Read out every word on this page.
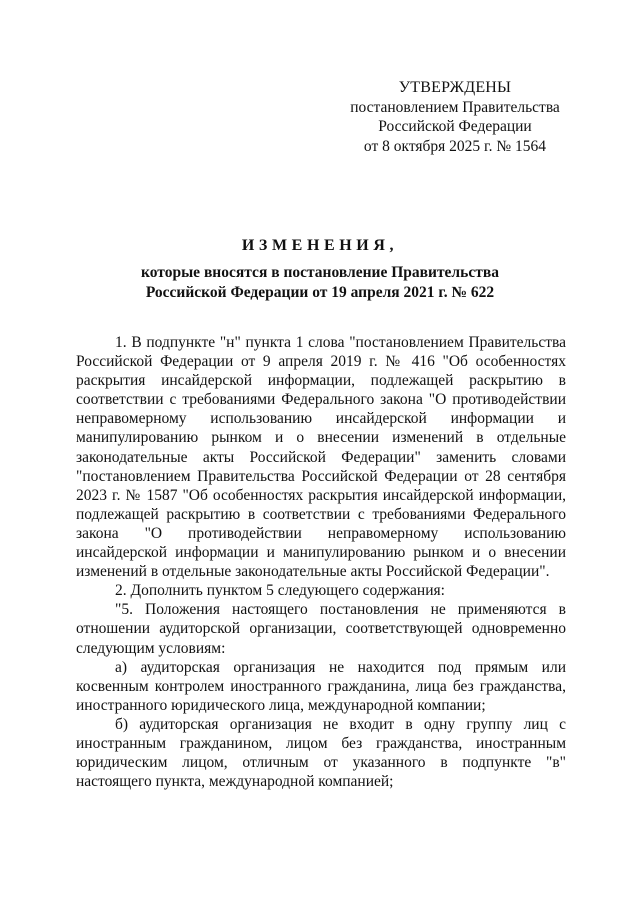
УТВЕРЖДЕНЫ
постановлением Правительства
Российской Федерации
от 8 октября 2025 г. № 1564
ИЗМЕНЕНИЯ,
которые вносятся в постановление Правительства
Российской Федерации от 19 апреля 2021 г. № 622

1. В подпункте "н" пункта 1 слова "постановлением Правительства Российской Федерации от 9 апреля 2019 г. № 416 "Об особенностях раскрытия инсайдерской информации, подлежащей раскрытию в соответствии с требованиями Федерального закона "О противодействии неправомерному использованию инсайдерской информации и манипулированию рынком и о внесении изменений в отдельные законодательные акты Российской Федерации" заменить словами "постановлением Правительства Российской Федерации от 28 сентября 2023 г. № 1587 "Об особенностях раскрытия инсайдерской информации, подлежащей раскрытию в соответствии с требованиями Федерального закона "О противодействии неправомерному использованию инсайдерской информации и манипулированию рынком и о внесении изменений в отдельные законодательные акты Российской Федерации".

2. Дополнить пунктом 5 следующего содержания:

"5. Положения настоящего постановления не применяются в отношении аудиторской организации, соответствующей одновременно следующим условиям:

а) аудиторская организация не находится под прямым или косвенным контролем иностранного гражданина, лица без гражданства, иностранного юридического лица, международной компании;

б) аудиторская организация не входит в одну группу лиц с иностранным гражданином, лицом без гражданства, иностранным юридическим лицом, отличным от указанного в подпункте "в" настоящего пункта, международной компанией;
